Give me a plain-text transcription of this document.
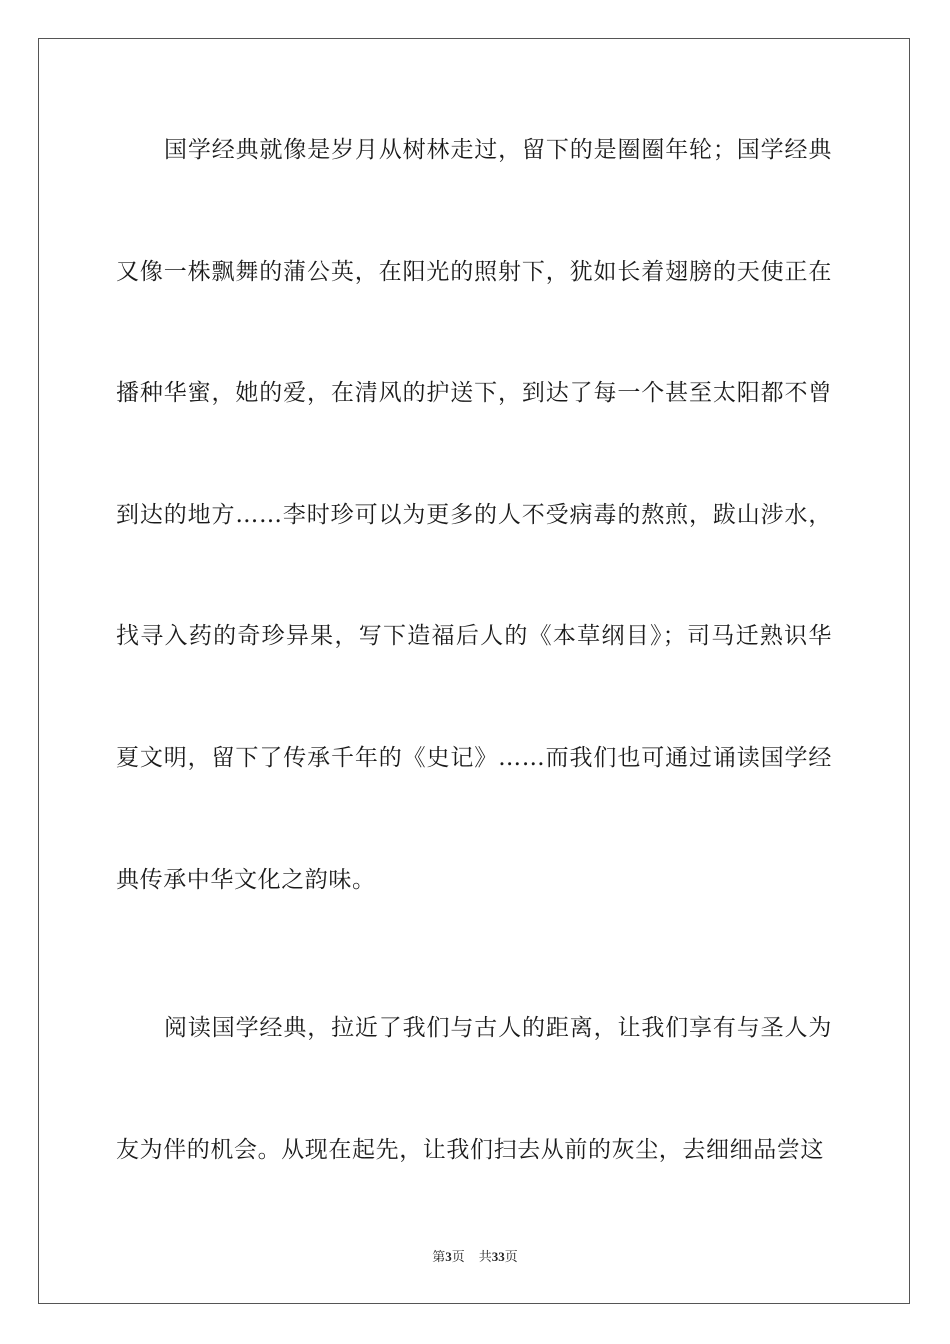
国学经典就像是岁月从树林走过，留下的是圈圈年轮；国学经典又像一株飘舞的蒲公英，在阳光的照射下，犹如长着翅膀的天使正在播种华蜜，她的爱，在清风的护送下，到达了每一个甚至太阳都不曾到达的地方……李时珍可以为更多的人不受病毒的熬煎，跋山涉水，找寻入药的奇珍异果，写下造福后人的《本草纲目》；司马迁熟识华夏文明，留下了传承千年的《史记》……而我们也可通过诵读国学经典传承中华文化之韵味。

阅读国学经典，拉近了我们与古人的距离，让我们享有与圣人为友为伴的机会。从现在起先，让我们扫去从前的灰尘，去细细品尝这

第3页 共33页
